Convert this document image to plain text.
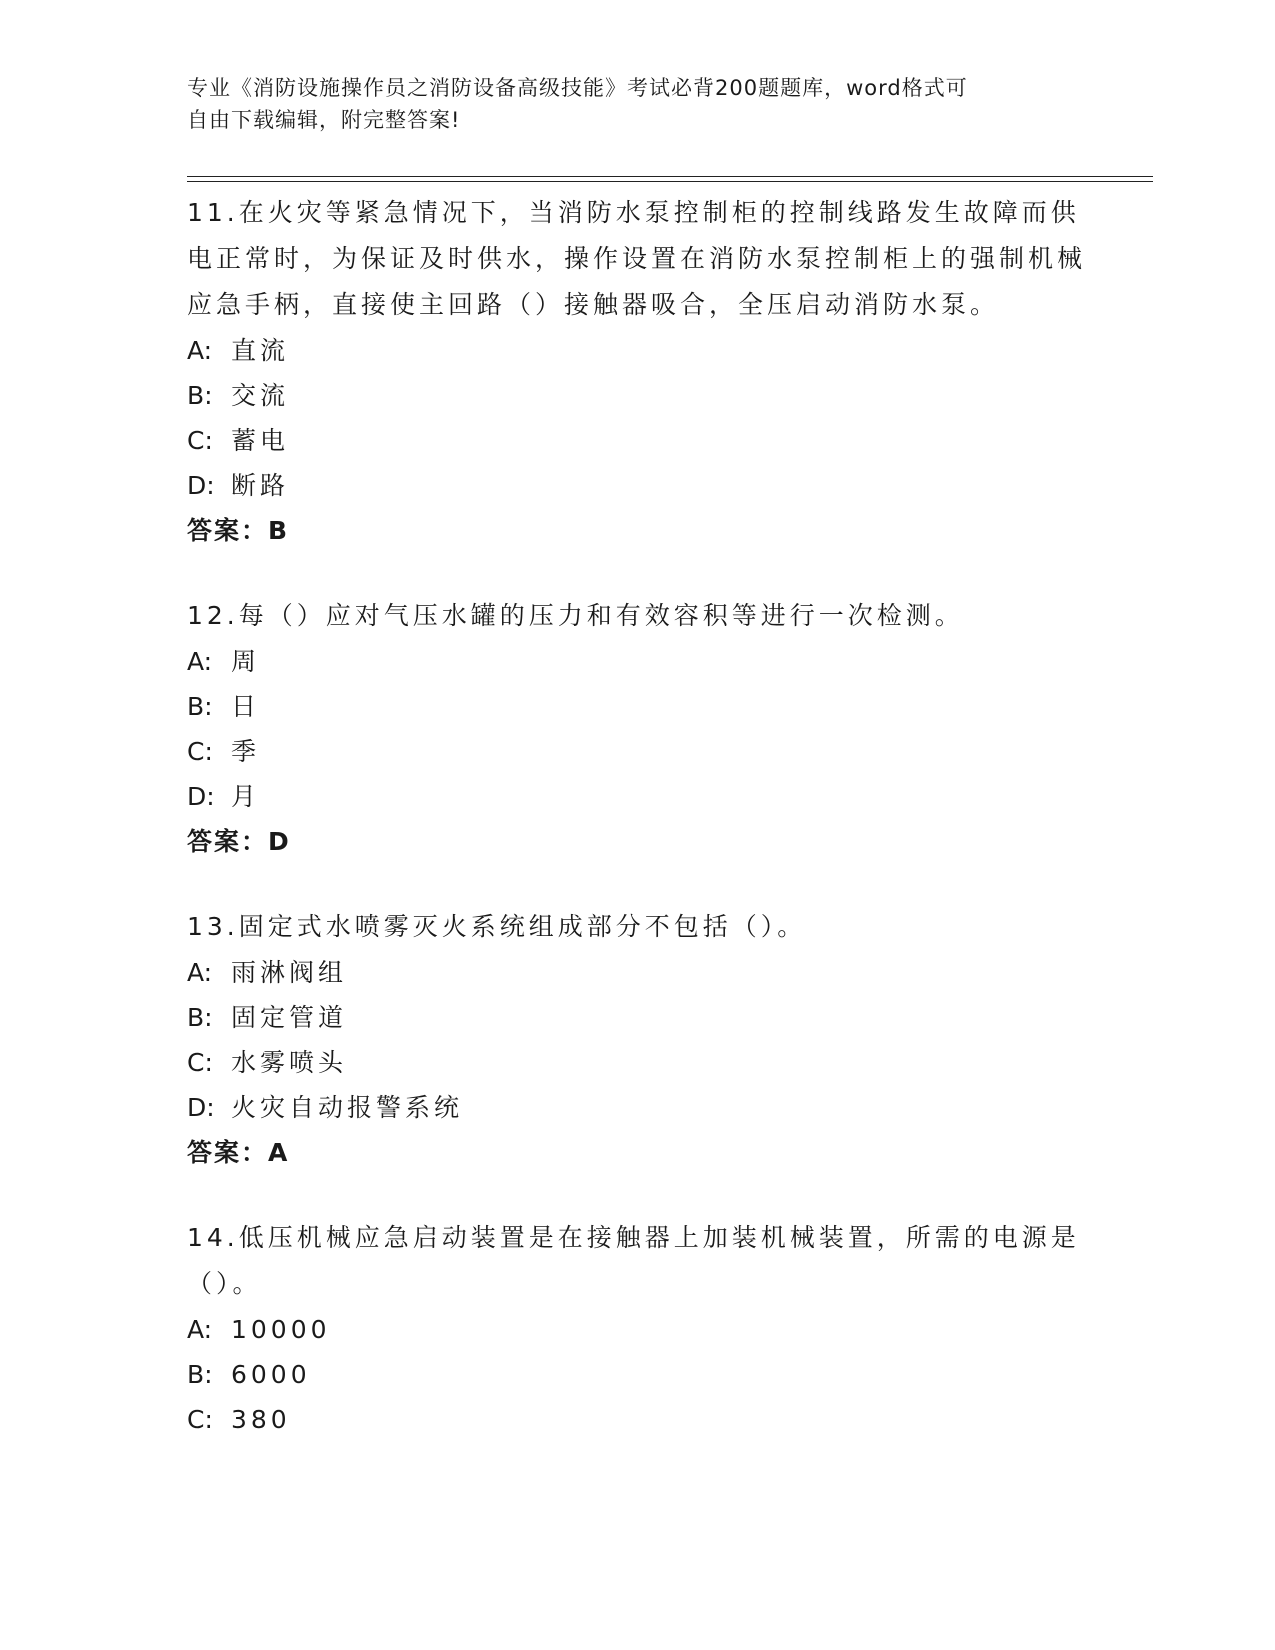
专业《消防设施操作员之消防设备高级技能》考试必背200题题库，word格式可
自由下载编辑，附完整答案!
11.在火灾等紧急情况下，当消防水泵控制柜的控制线路发生故障而供电正常时，为保证及时供水，操作设置在消防水泵控制柜上的强制机械应急手柄，直接使主回路（）接触器吸合，全压启动消防水泵。
A: 直流
B: 交流
C: 蓄电
D: 断路
答案：B
12.每（）应对气压水罐的压力和有效容积等进行一次检测。
A: 周
B: 日
C: 季
D: 月
答案：D
13.固定式水喷雾灭火系统组成部分不包括（）。
A: 雨淋阀组
B: 固定管道
C: 水雾喷头
D: 火灾自动报警系统
答案：A
14.低压机械应急启动装置是在接触器上加装机械装置，所需的电源是（）。
A: 10000
B: 6000
C: 380
